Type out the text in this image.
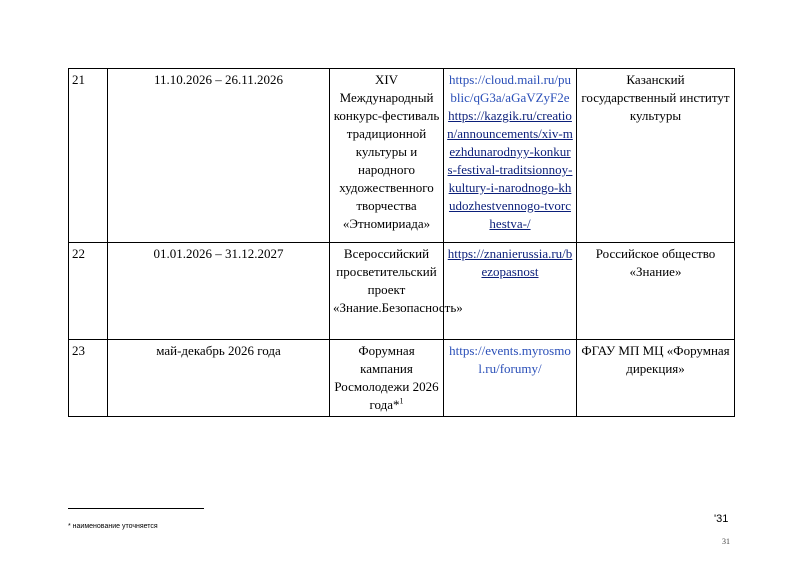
21	11.10.2026 – 26.11.2026	XIV Международный конкурс-фестиваль традиционной культуры и народного художественного творчества «Этномириада»	https://cloud.mail.ru/public/qG3a/aGaVZyF2e https://kazgik.ru/creation/announcements/xiv-mezhdunarodnyy-konkurs-festival-traditsionnoy-kultury-i-narodnogo-khudozhestvennogo-tvorchestva-/	Казанский государственный институт культуры
22	01.01.2026 – 31.12.2027	Всероссийский просветительский проект «Знание.Безопасность»	https://znanierussia.ru/bezopasnost	Российское общество «Знание»
23	май-декабрь 2026 года	Форумная кампания Росмолодежи 2026 года*$^1$	https://events.myrosmol.ru/forumy/	ФГАУ МП МЦ «Форумная дирекция»
* наименование уточняется
'31
31
